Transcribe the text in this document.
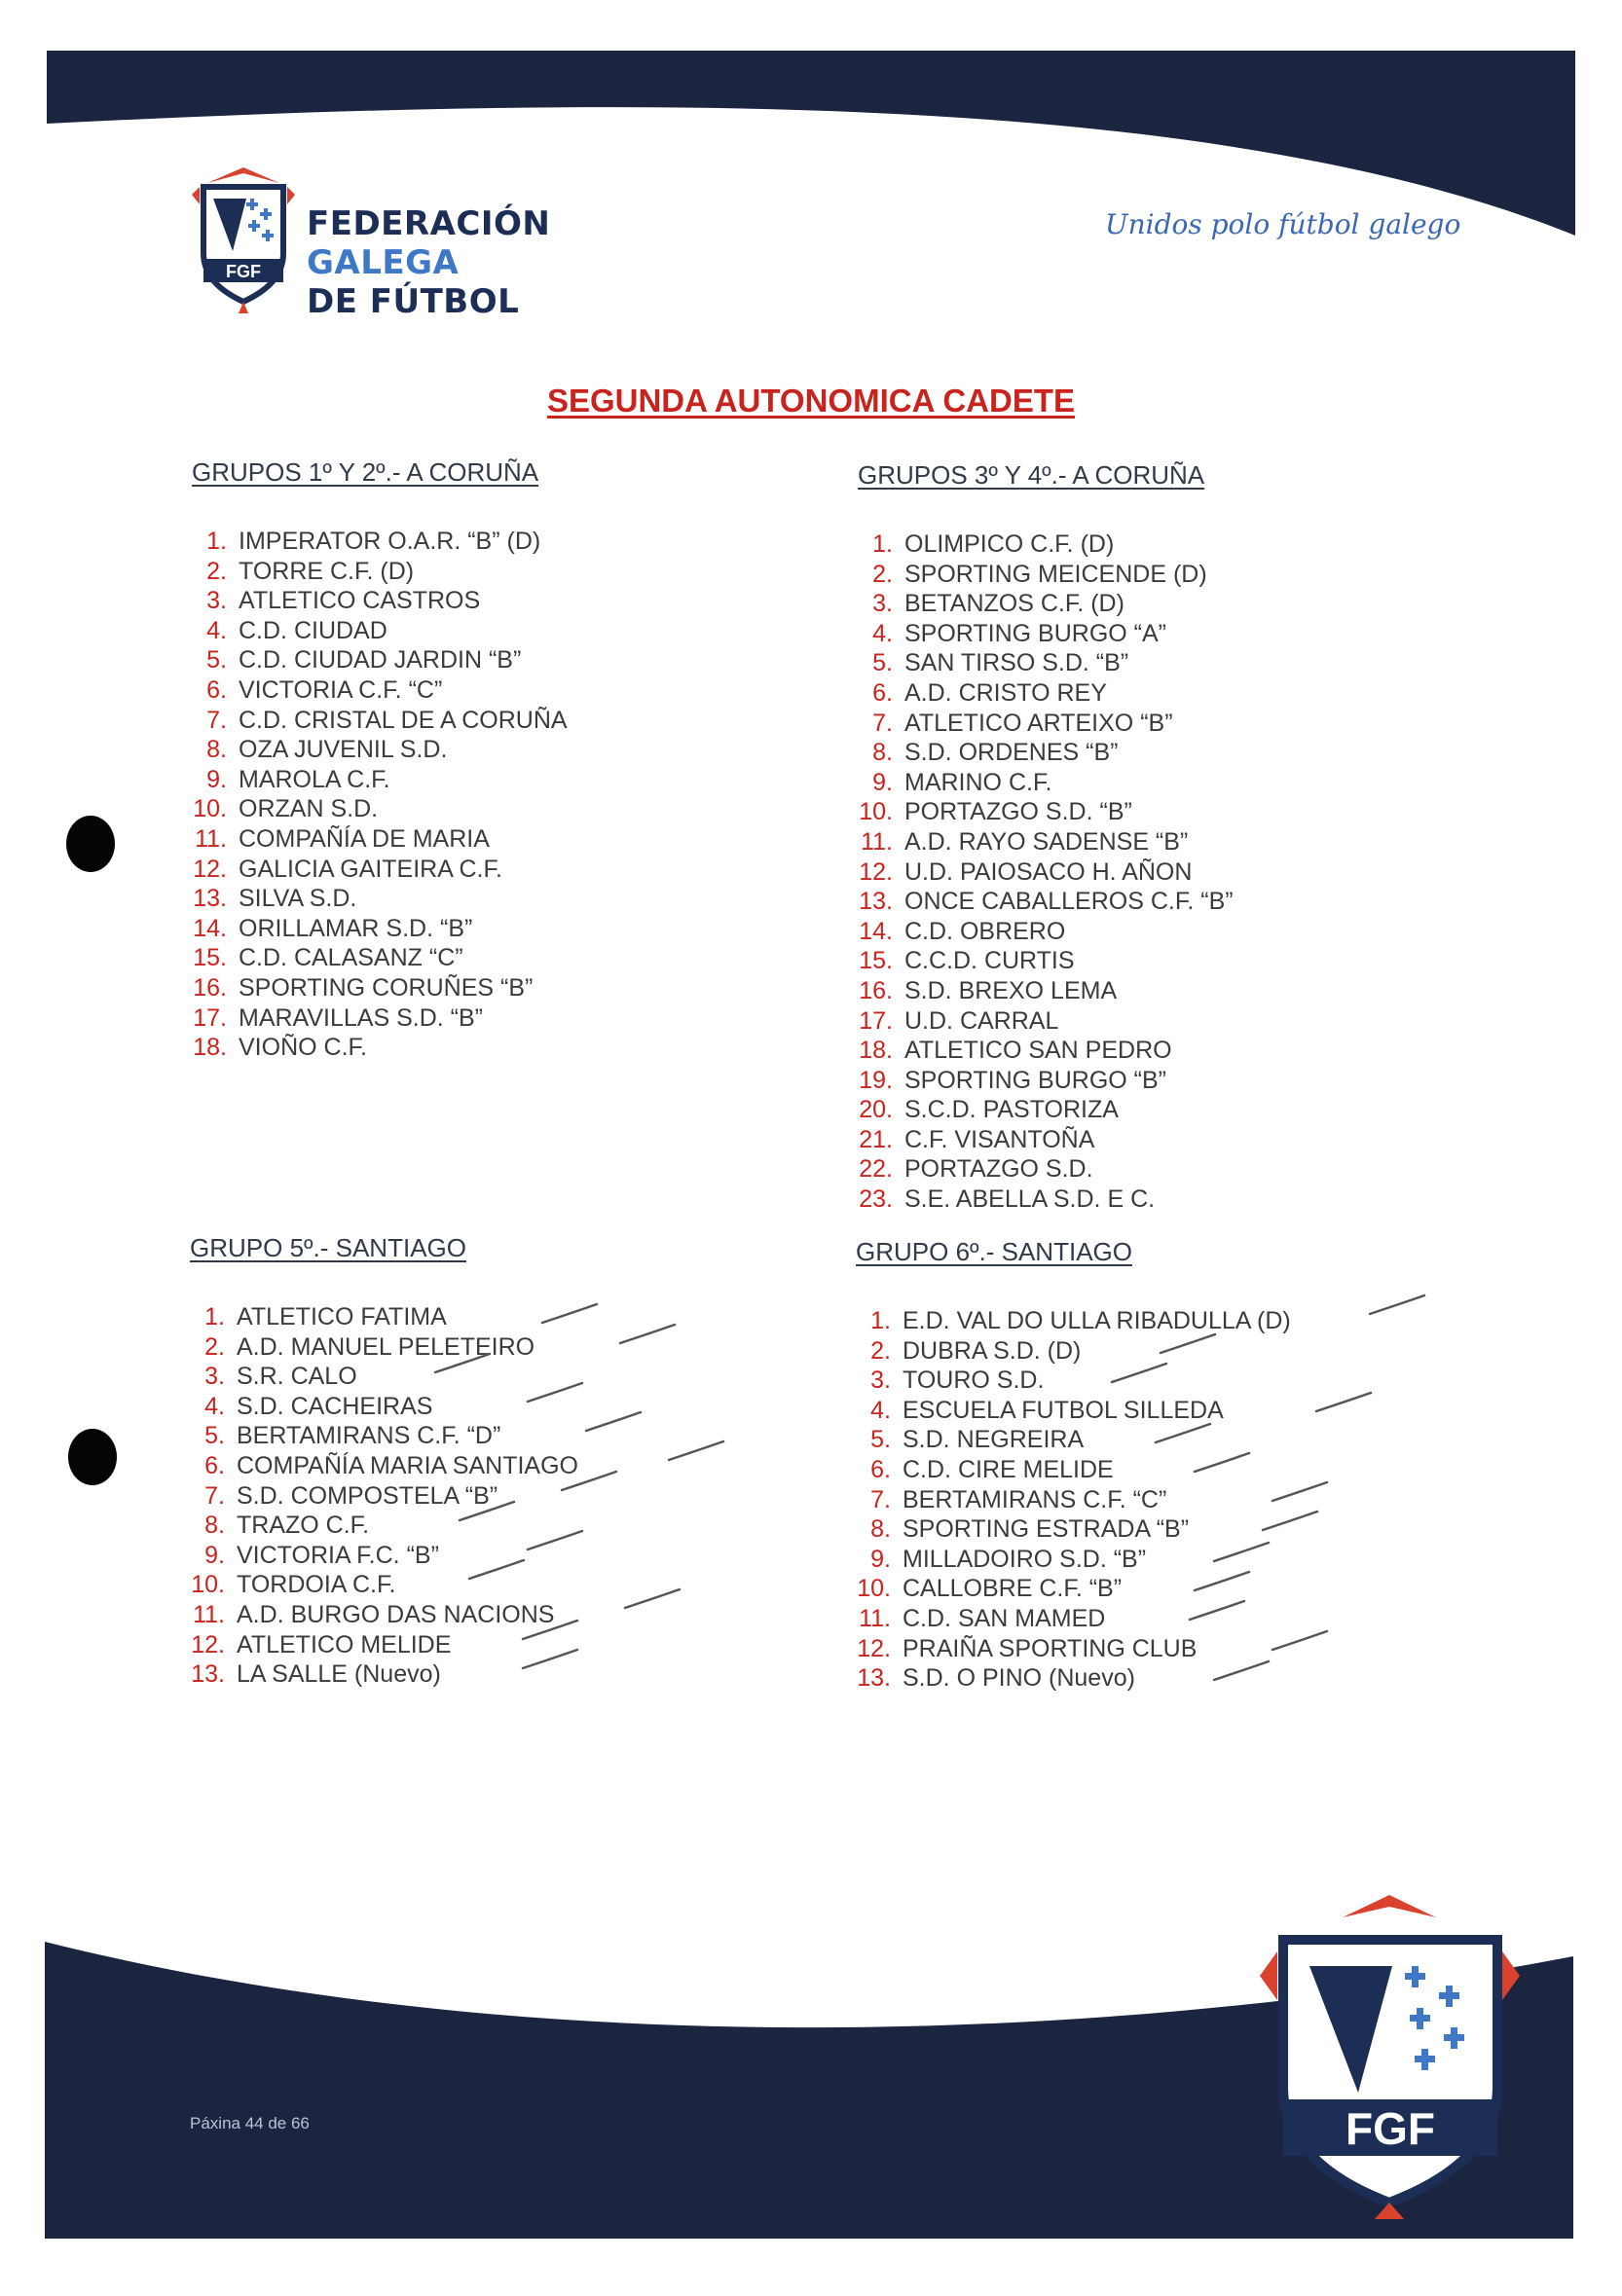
FGF
FEDERACIÓN GALEGA
DE FÚTBOL
Unidos polo fútbol galego
SEGUNDA AUTONOMICA CADETE
GRUPOS 1º Y 2º.- A CORUÑA
1. IMPERATOR O.A.R. “B” (D)
2. TORRE C.F. (D)
3. ATLETICO CASTROS
4. C.D. CIUDAD
5. C.D. CIUDAD JARDIN “B”
6. VICTORIA C.F. “C”
7. C.D. CRISTAL DE A CORUÑA
8. OZA JUVENIL S.D.
9. MAROLA C.F.
10. ORZAN S.D.
11. COMPAÑÍA DE MARIA
12. GALICIA GAITEIRA C.F.
13. SILVA S.D.
14. ORILLAMAR S.D. “B”
15. C.D. CALASANZ “C”
16. SPORTING CORUÑES “B”
17. MARAVILLAS S.D. “B”
18. VIOÑO C.F.
GRUPOS 3º Y 4º.- A CORUÑA
1. OLIMPICO C.F. (D)
2. SPORTING MEICENDE (D)
3. BETANZOS C.F. (D)
4. SPORTING BURGO “A”
5. SAN TIRSO S.D. “B”
6. A.D. CRISTO REY
7. ATLETICO ARTEIXO “B”
8. S.D. ORDENES “B”
9. MARINO C.F.
10. PORTAZGO S.D. “B”
11. A.D. RAYO SADENSE “B”
12. U.D. PAIOSACO H. AÑON
13. ONCE CABALLEROS C.F. “B”
14. C.D. OBRERO
15. C.C.D. CURTIS
16. S.D. BREXO LEMA
17. U.D. CARRAL
18. ATLETICO SAN PEDRO
19. SPORTING BURGO “B”
20. S.C.D. PASTORIZA
21. C.F. VISANTOÑA
22. PORTAZGO S.D.
23. S.E. ABELLA S.D. E C.
GRUPO 5º.- SANTIAGO
1. ATLETICO FATIMA
2. A.D. MANUEL PELETEIRO
3. S.R. CALO
4. S.D. CACHEIRAS
5. BERTAMIRANS C.F. “D”
6. COMPAÑÍA MARIA SANTIAGO
7. S.D. COMPOSTELA “B”
8. TRAZO C.F.
9. VICTORIA F.C. “B”
10. TORDOIA C.F.
11. A.D. BURGO DAS NACIONS
12. ATLETICO MELIDE
13. LA SALLE (Nuevo)
GRUPO 6º.- SANTIAGO
1. E.D. VAL DO ULLA RIBADULLA (D)
2. DUBRA S.D. (D)
3. TOURO S.D.
4. ESCUELA FUTBOL SILLEDA
5. S.D. NEGREIRA
6. C.D. CIRE MELIDE
7. BERTAMIRANS C.F. “C”
8. SPORTING ESTRADA “B”
9. MILLADOIRO S.D. “B”
10. CALLOBRE C.F. “B”
11. C.D. SAN MAMED
12. PRAIÑA SPORTING CLUB
13. S.D. O PINO (Nuevo)
Páxina 44 de 66	FGF
